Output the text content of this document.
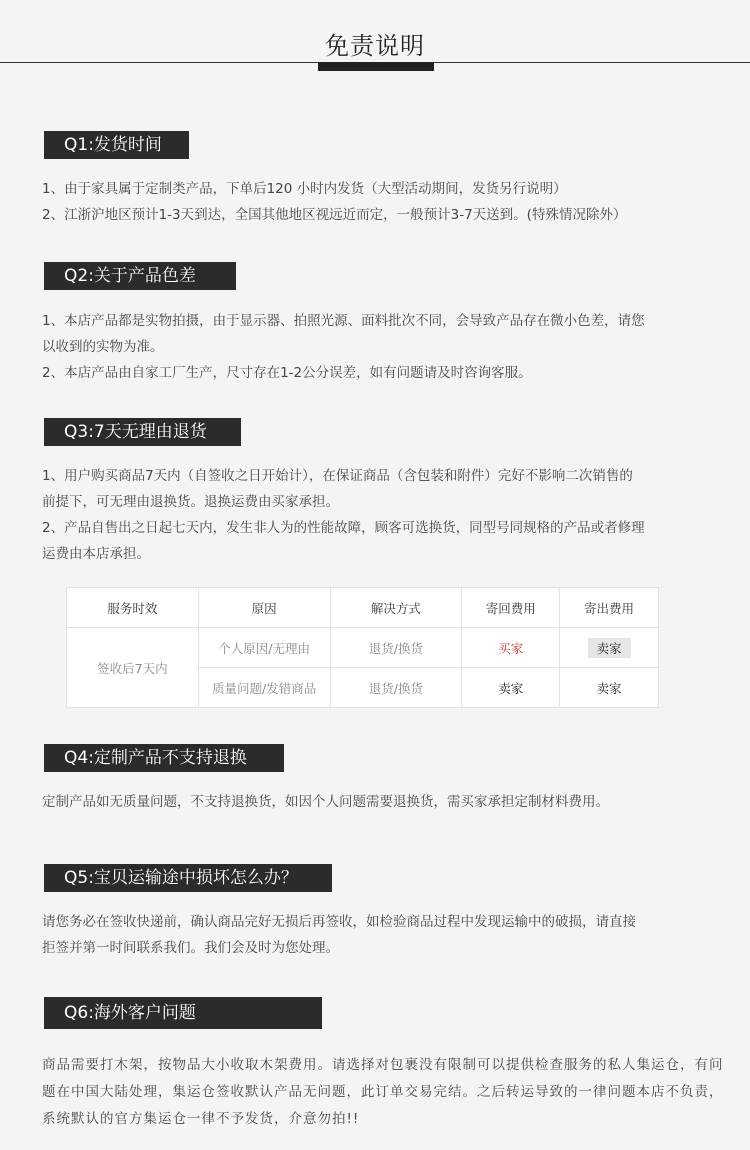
免责说明
Q1:发货时间

1、由于家具属于定制类产品，下单后120 小时内发货（大型活动期间，发货另行说明）

2、江浙沪地区预计1-3天到达，全国其他地区视远近而定，一般预计3-7天送到。(特殊情况除外）

Q2:关于产品色差

1、本店产品都是实物拍摄，由于显示器、拍照光源、面料批次不同，会导致产品存在微小色差，请您

以收到的实物为准。

2、本店产品由自家工厂生产，尺寸存在1-2公分误差，如有问题请及时咨询客服。

Q3:7天无理由退货

1、用户购买商品7天内（自签收之日开始计），在保证商品（含包装和附件）完好不影响二次销售的

前提下，可无理由退换货。退换运费由买家承担。

2、产品自售出之日起七天内，发生非人为的性能故障，顾客可选换货，同型号同规格的产品或者修理

运费由本店承担。

服务时效	原因	解决方式	寄回费用	寄出费用
签收后7天内	个人原因/无理由	退货/换货	买家	卖家
	质量问题/发错商品	退货/换货	卖家	卖家
Q4:定制产品不支持退换

定制产品如无质量问题，不支持退换货，如因个人问题需要退换货，需买家承担定制材料费用。

Q5:宝贝运输途中损坏怎么办？

请您务必在签收快递前，确认商品完好无损后再签收，如检验商品过程中发现运输中的破损，请直接

拒签并第一时间联系我们。我们会及时为您处理。

Q6:海外客户问题

商品需要打木架，按物品大小收取木架费用。请选择对包裹没有限制可以提供检查服务的私人集运仓，有问题在中国大陆处理，集运仓签收默认产品无问题，此订单交易完结。之后转运导致的一律问题本店不负责，系统默认的官方集运仓一律不予发货，介意勿拍!!
